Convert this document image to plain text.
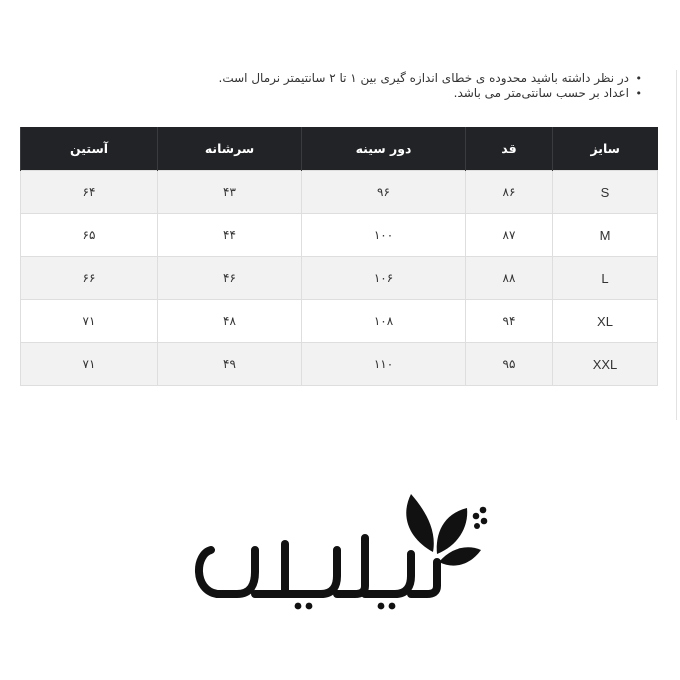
• در نظر داشته باشید محدوده ی خطای اندازه گیری بین ۱ تا ۲ سانتیمتر نرمال است.
• اعداد بر حسب سانتی‌متر می باشد.
سایز	قد	دور سینه	سرشانه	آستین
S	۸۶	۹۶	۴۳	۶۴
M	۸۷	۱۰۰	۴۴	۶۵
L	۸۸	۱۰۶	۴۶	۶۶
XL	۹۴	۱۰۸	۴۸	۷۱
XXL	۹۵	۱۱۰	۴۹	۷۱
لیلیان
